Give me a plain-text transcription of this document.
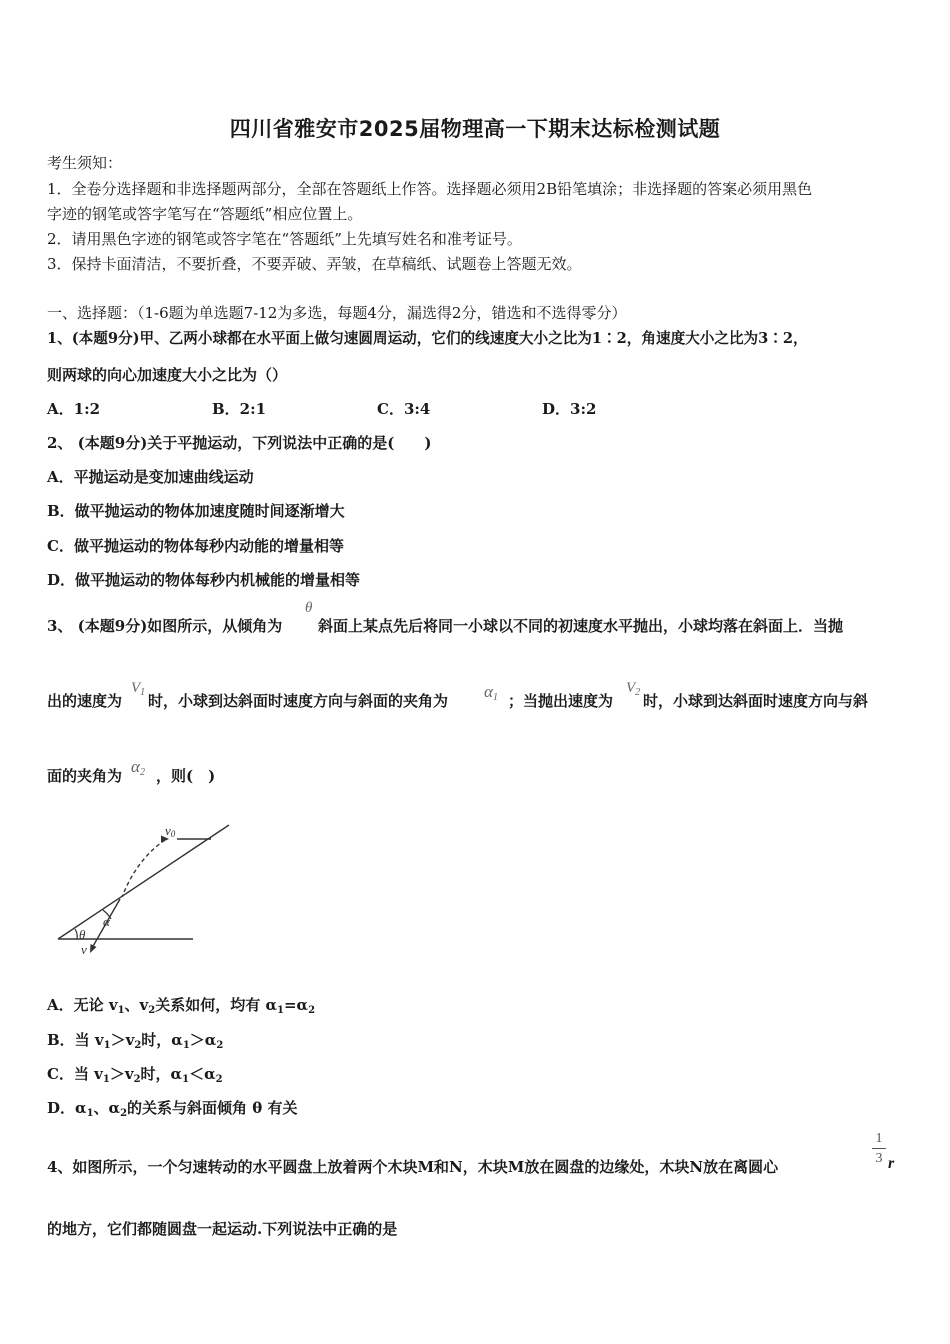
四川省雅安市2025届物理高一下期末达标检测试题
考生须知：
1．全卷分选择题和非选择题两部分，全部在答题纸上作答。选择题必须用2B铅笔填涂；非选择题的答案必须用黑色
字迹的钢笔或答字笔写在“答题纸”相应位置上。
2．请用黑色字迹的钢笔或答字笔在“答题纸”上先填写姓名和准考证号。
3．保持卡面清洁，不要折叠，不要弄破、弄皱，在草稿纸、试题卷上答题无效。
一、选择题：（1-6题为单选题7-12为多选，每题4分，漏选得2分，错选和不选得零分）
1、(本题9分)甲、乙两小球都在水平面上做匀速圆周运动，它们的线速度大小之比为1∶2，角速度大小之比为3∶2，
则两球的向心加速度大小之比为（）
A．1:2	B．2:1	C．3:4	D．3:2
2、 (本题9分)关于平抛运动，下列说法中正确的是(　　)
A．平抛运动是变加速曲线运动
B．做平抛运动的物体加速度随时间逐渐增大
C．做平抛运动的物体每秒内动能的增量相等
D．做平抛运动的物体每秒内机械能的增量相等
3、 (本题9分)如图所示，从倾角为
θ
斜面上某点先后将同一小球以不同的初速度水平抛出，小球均落在斜面上．当抛
出的速度为
$V_1$ 时，小球到达斜面时速度方向与斜面的夹角为 $\alpha_1$ ；当抛出速度为
$V_2$ 时，小球到达斜面时速度方向与斜
面的夹角为 $\alpha_2$ ，则(　)
v0
α
θ
v
A．无论 $v_1$、$v_2$关系如何，均有 $\alpha_1=\alpha_2$
B．当 $v_1>v_2$时，$\alpha_1>\alpha_2$
C．当 $v_1>v_2$时，$\alpha_1<\alpha_2$
D．$\alpha_1$、$\alpha_2$的关系与斜面倾角 θ 有关
4、如图所示，一个匀速转动的水平圆盘上放着两个木块M和N，木块M放在圆盘的边缘处，木块N放在离圆心	$\frac{1}{3}$ r
的地方，它们都随圆盘一起运动.下列说法中正确的是
